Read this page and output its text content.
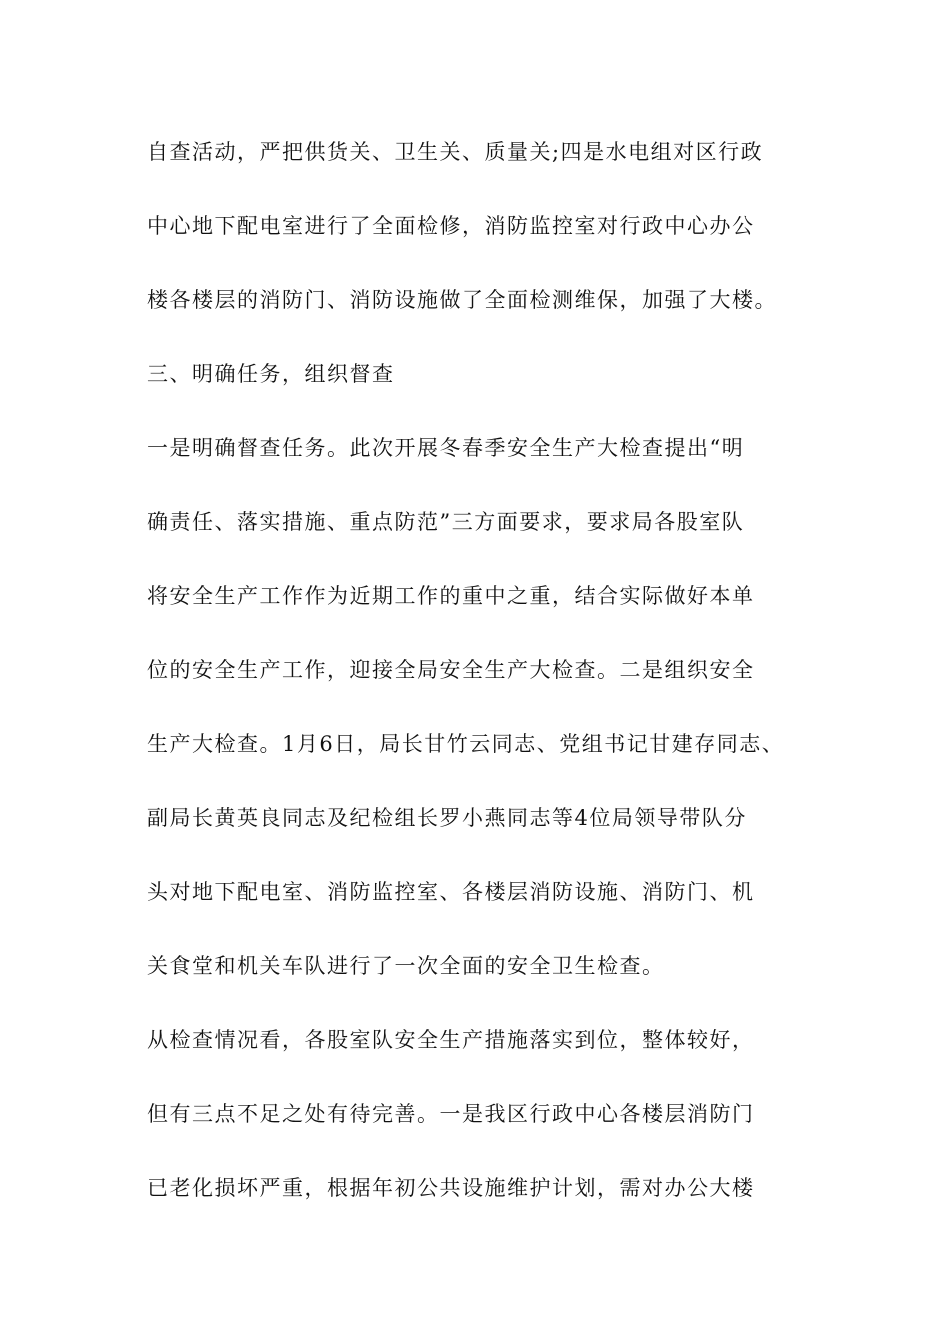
自查活动，严把供货关、卫生关、质量关;四是水电组对区行政
中心地下配电室进行了全面检修，消防监控室对行政中心办公
楼各楼层的消防门、消防设施做了全面检测维保，加强了大楼。
三、明确任务，组织督查
一是明确督查任务。此次开展冬春季安全生产大检查提出“明
确责任、落实措施、重点防范”三方面要求，要求局各股室队
将安全生产工作作为近期工作的重中之重，结合实际做好本单
位的安全生产工作，迎接全局安全生产大检查。二是组织安全
生产大检查。1月6日，局长甘竹云同志、党组书记甘建存同志、
副局长黄英良同志及纪检组长罗小燕同志等4位局领导带队分
头对地下配电室、消防监控室、各楼层消防设施、消防门、机
关食堂和机关车队进行了一次全面的安全卫生检查。
从检查情况看，各股室队安全生产措施落实到位，整体较好，
但有三点不足之处有待完善。一是我区行政中心各楼层消防门
已老化损坏严重，根据年初公共设施维护计划，需对办公大楼
